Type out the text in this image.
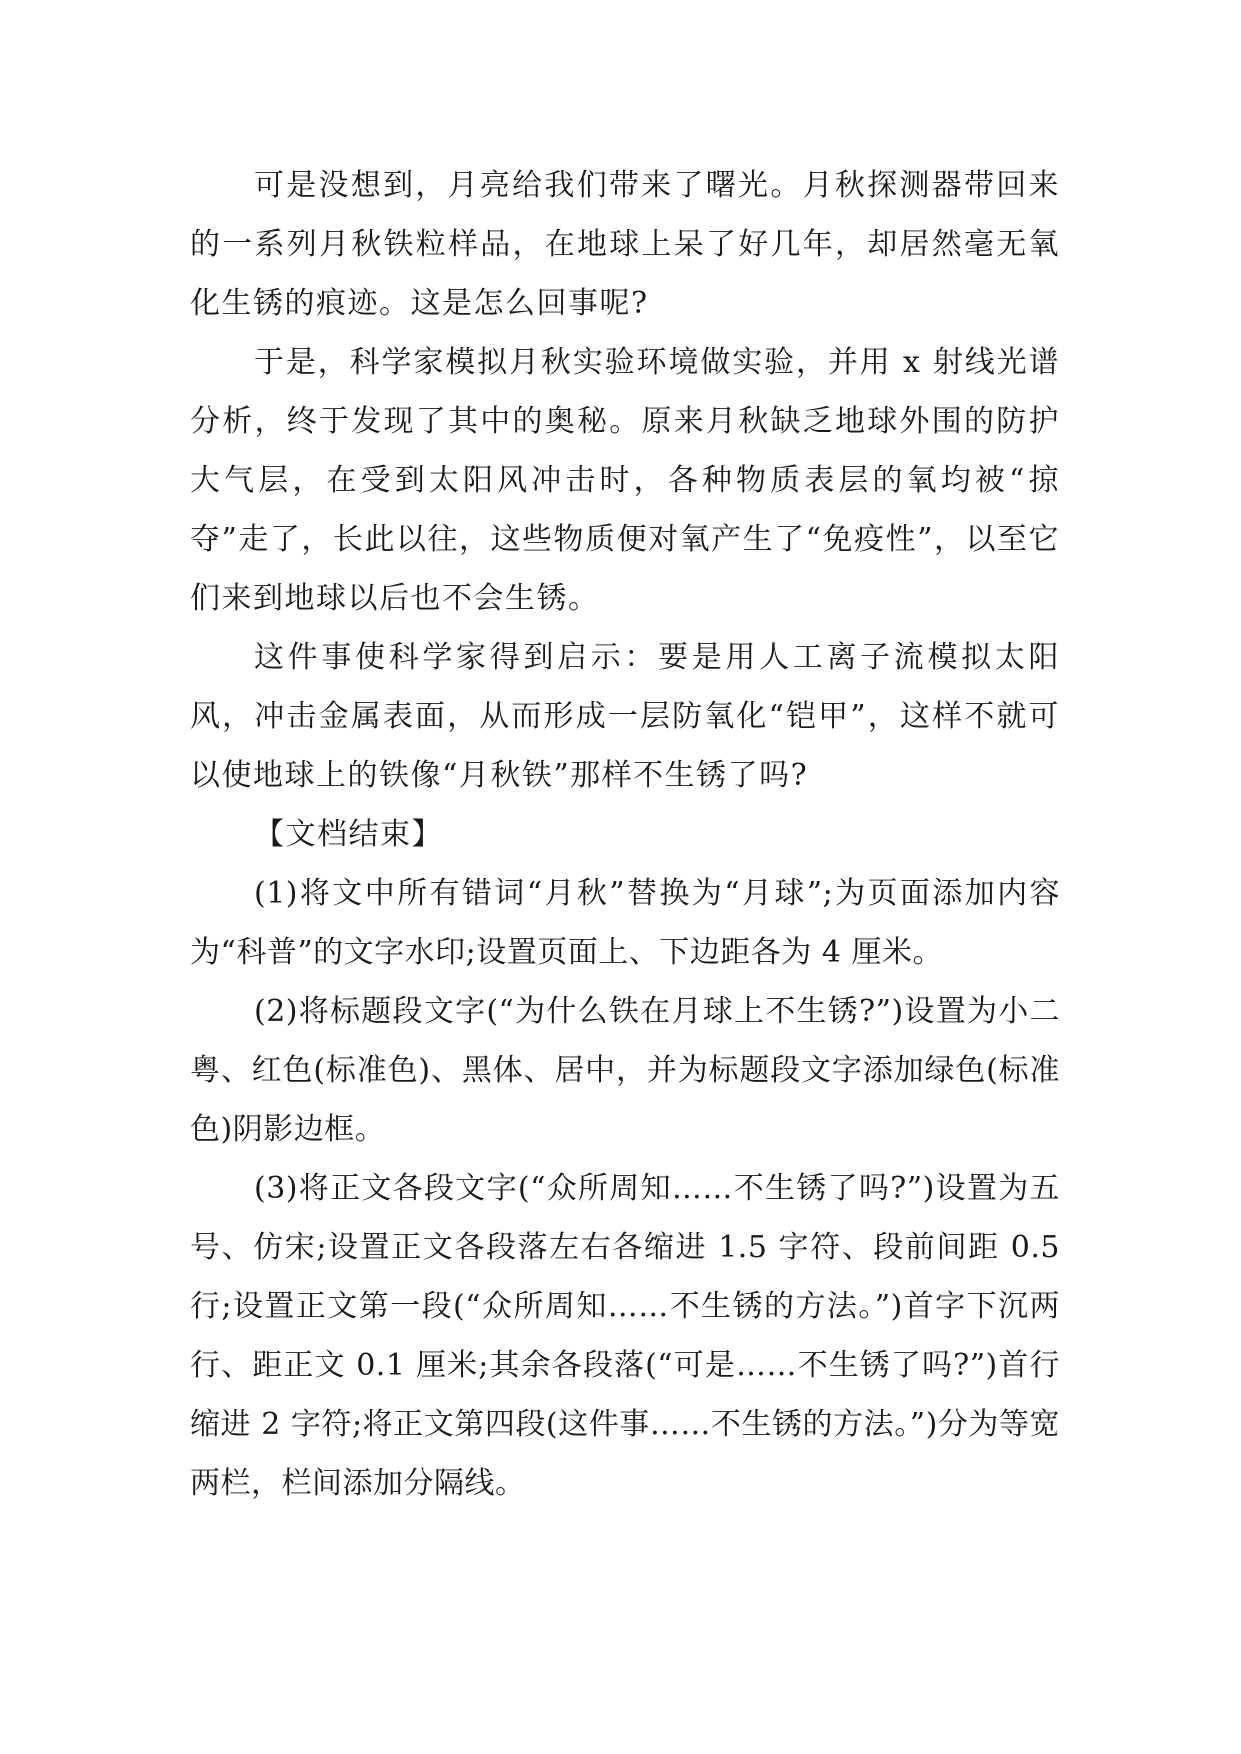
可是没想到，月亮给我们带来了曙光。月秋探测器带回来的一系列月秋铁粒样品，在地球上呆了好几年，却居然毫无氧化生锈的痕迹。这是怎么回事呢?

于是，科学家模拟月秋实验环境做实验，并用 x 射线光谱分析，终于发现了其中的奥秘。原来月秋缺乏地球外围的防护大气层，在受到太阳风冲击时，各种物质表层的氧均被“掠夺”走了，长此以往，这些物质便对氧产生了“免疫性”，以至它们来到地球以后也不会生锈。

这件事使科学家得到启示：要是用人工离子流模拟太阳风，冲击金属表面，从而形成一层防氧化“铠甲”，这样不就可以使地球上的铁像“月秋铁”那样不生锈了吗?

【文档结束】

(1)将文中所有错词“月秋”替换为“月球”;为页面添加内容为“科普”的文字水印;设置页面上、下边距各为 4 厘米。

(2)将标题段文字(“为什么铁在月球上不生锈?”)设置为小二粤、红色(标准色)、黑体、居中，并为标题段文字添加绿色(标准色)阴影边框。

(3)将正文各段文字(“众所周知……不生锈了吗?”)设置为五号、仿宋;设置正文各段落左右各缩进 1.5 字符、段前间距 0.5 行;设置正文第一段(“众所周知……不生锈的方法。”)首字下沉两行、距正文 0.1 厘米;其余各段落(“可是……不生锈了吗?”)首行缩进 2 字符;将正文第四段(这件事……不生锈的方法。”)分为等宽两栏，栏间添加分隔线。
